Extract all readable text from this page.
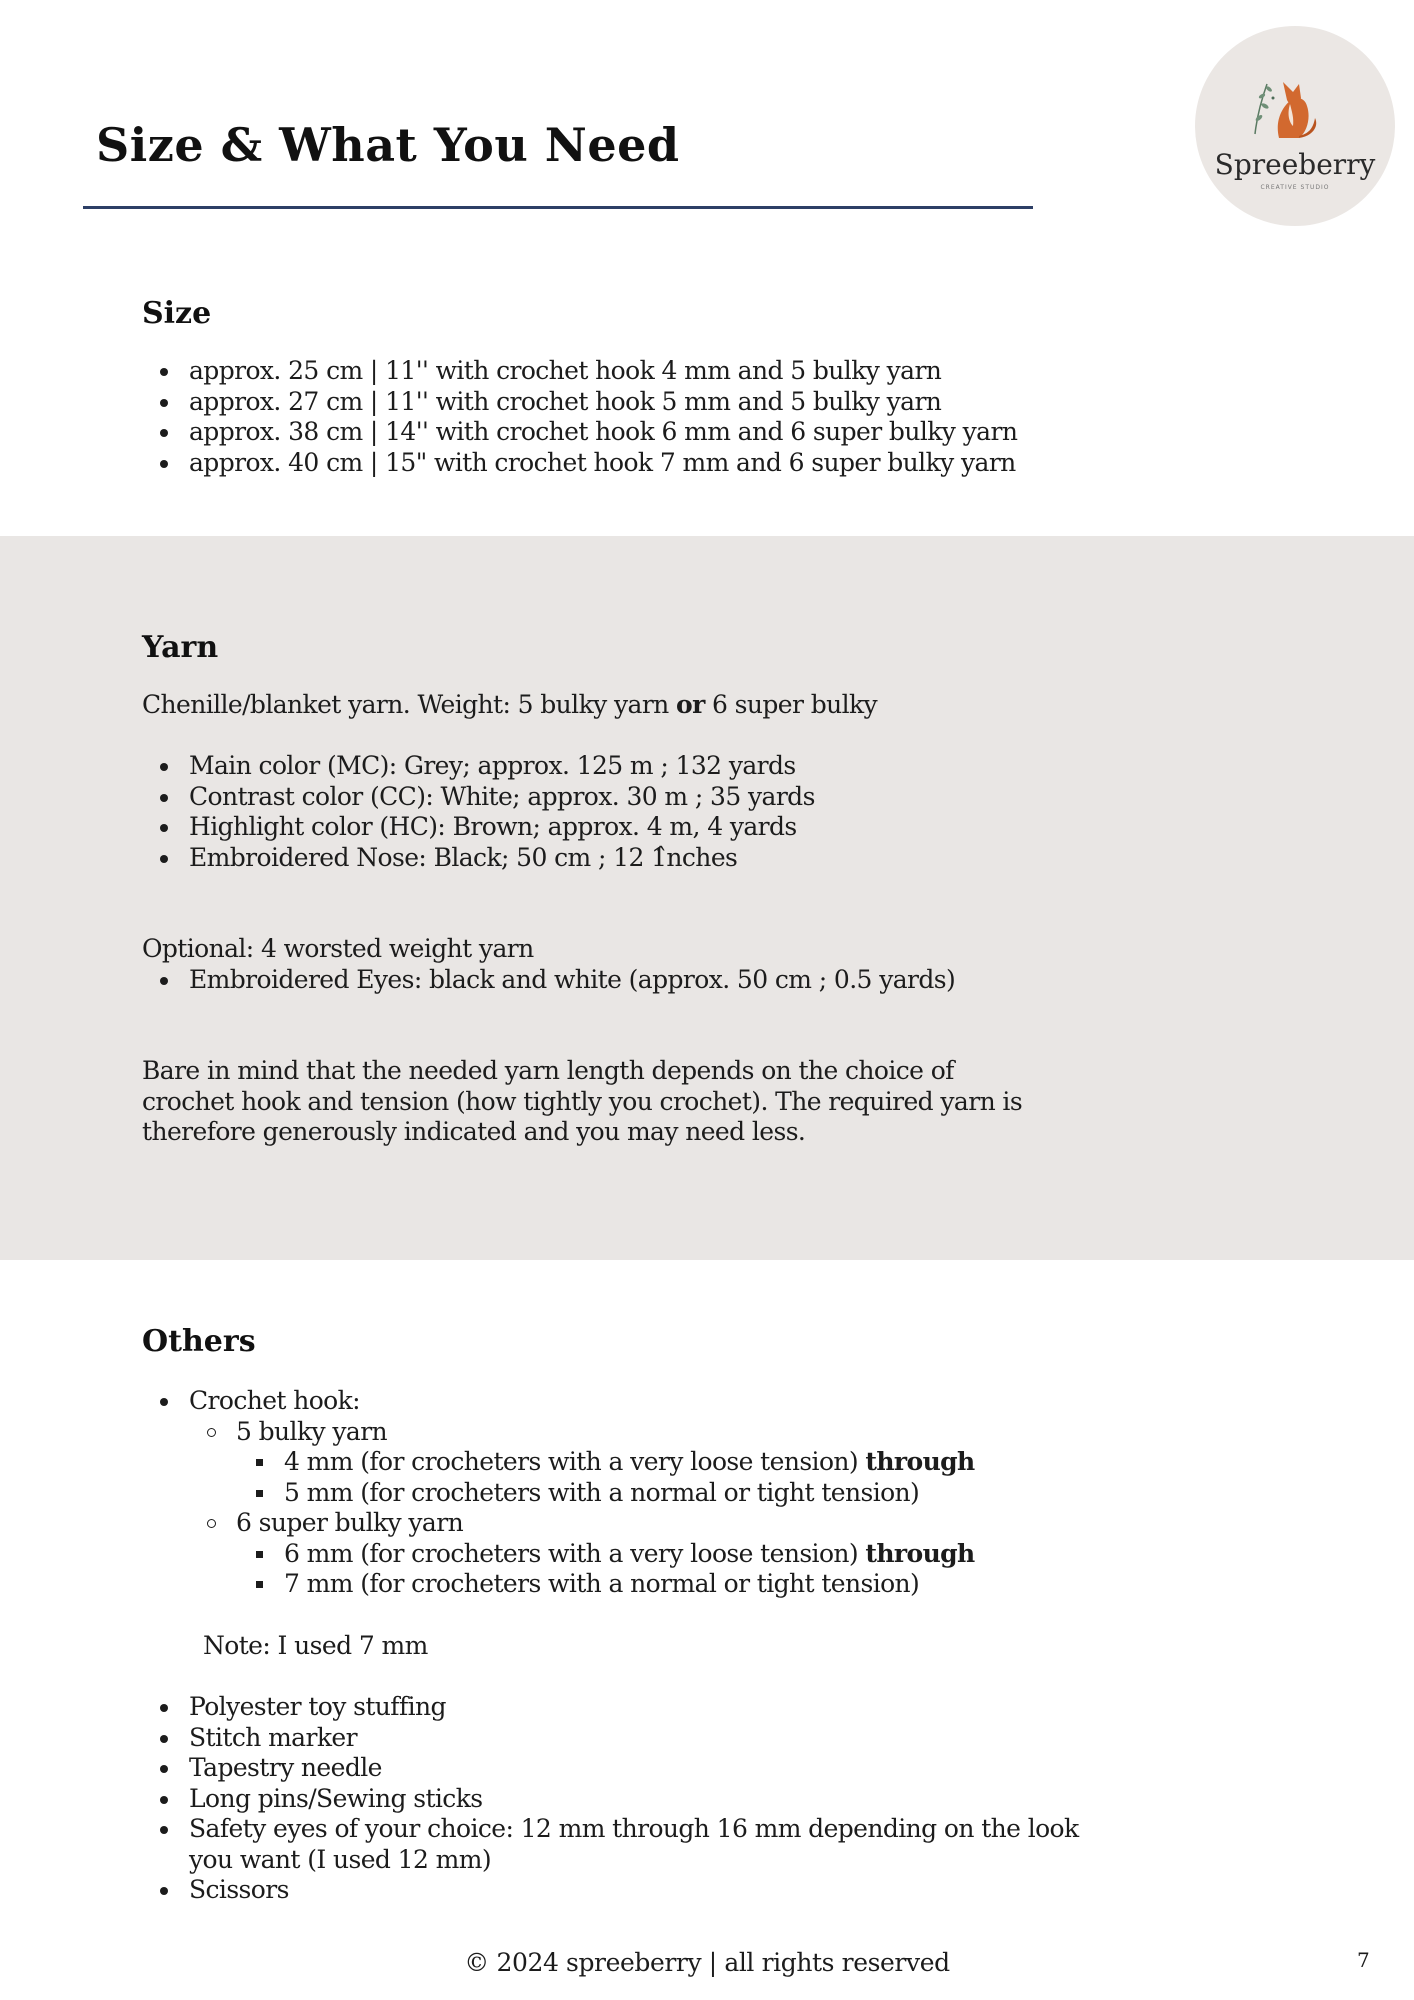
Size & What You Need	Spreeberry
CREATIVE STUDIO
Size
approx. 25 cm | 11'' with crochet hook 4 mm and 5 bulky yarn
approx. 27 cm | 11'' with crochet hook 5 mm and 5 bulky yarn
approx. 38 cm | 14'' with crochet hook 6 mm and 6 super bulky yarn
approx. 40 cm | 15" with crochet hook 7 mm and 6 super bulky yarn
Yarn

Chenille/blanket yarn. Weight: 5 bulky yarn or 6 super bulky

Main color (MC): Grey; approx. 125 m ; 132 yards
Contrast color (CC): White; approx. 30 m ; 35 yards
Highlight color (HC): Brown; approx. 4 m, 4 yards
Embroidered Nose: Black; 50 cm ; 12 1̂nches

Optional: 4 worsted weight yarn

Embroidered Eyes: black and white (approx. 50 cm ; 0.5 yards)
Bare in mind that the needed yarn length depends on the choice of
crochet hook and tension (how tightly you crochet). The required yarn is
therefore generously indicated and you may need less.
Others
Crochet hook:
5 bulky yarn
4 mm (for crocheters with a very loose tension) through
5 mm (for crocheters with a normal or tight tension)
6 super bulky yarn
6 mm (for crocheters with a very loose tension) through
7 mm (for crocheters with a normal or tight tension)

Note: I used 7 mm

Polyester toy stuffing
Stitch marker
Tapestry needle
Long pins/Sewing sticks
Safety eyes of your choice: 12 mm through 16 mm depending on the look you want (I used 12 mm)
Scissors
© 2024 spreeberry | all rights reserved	7
